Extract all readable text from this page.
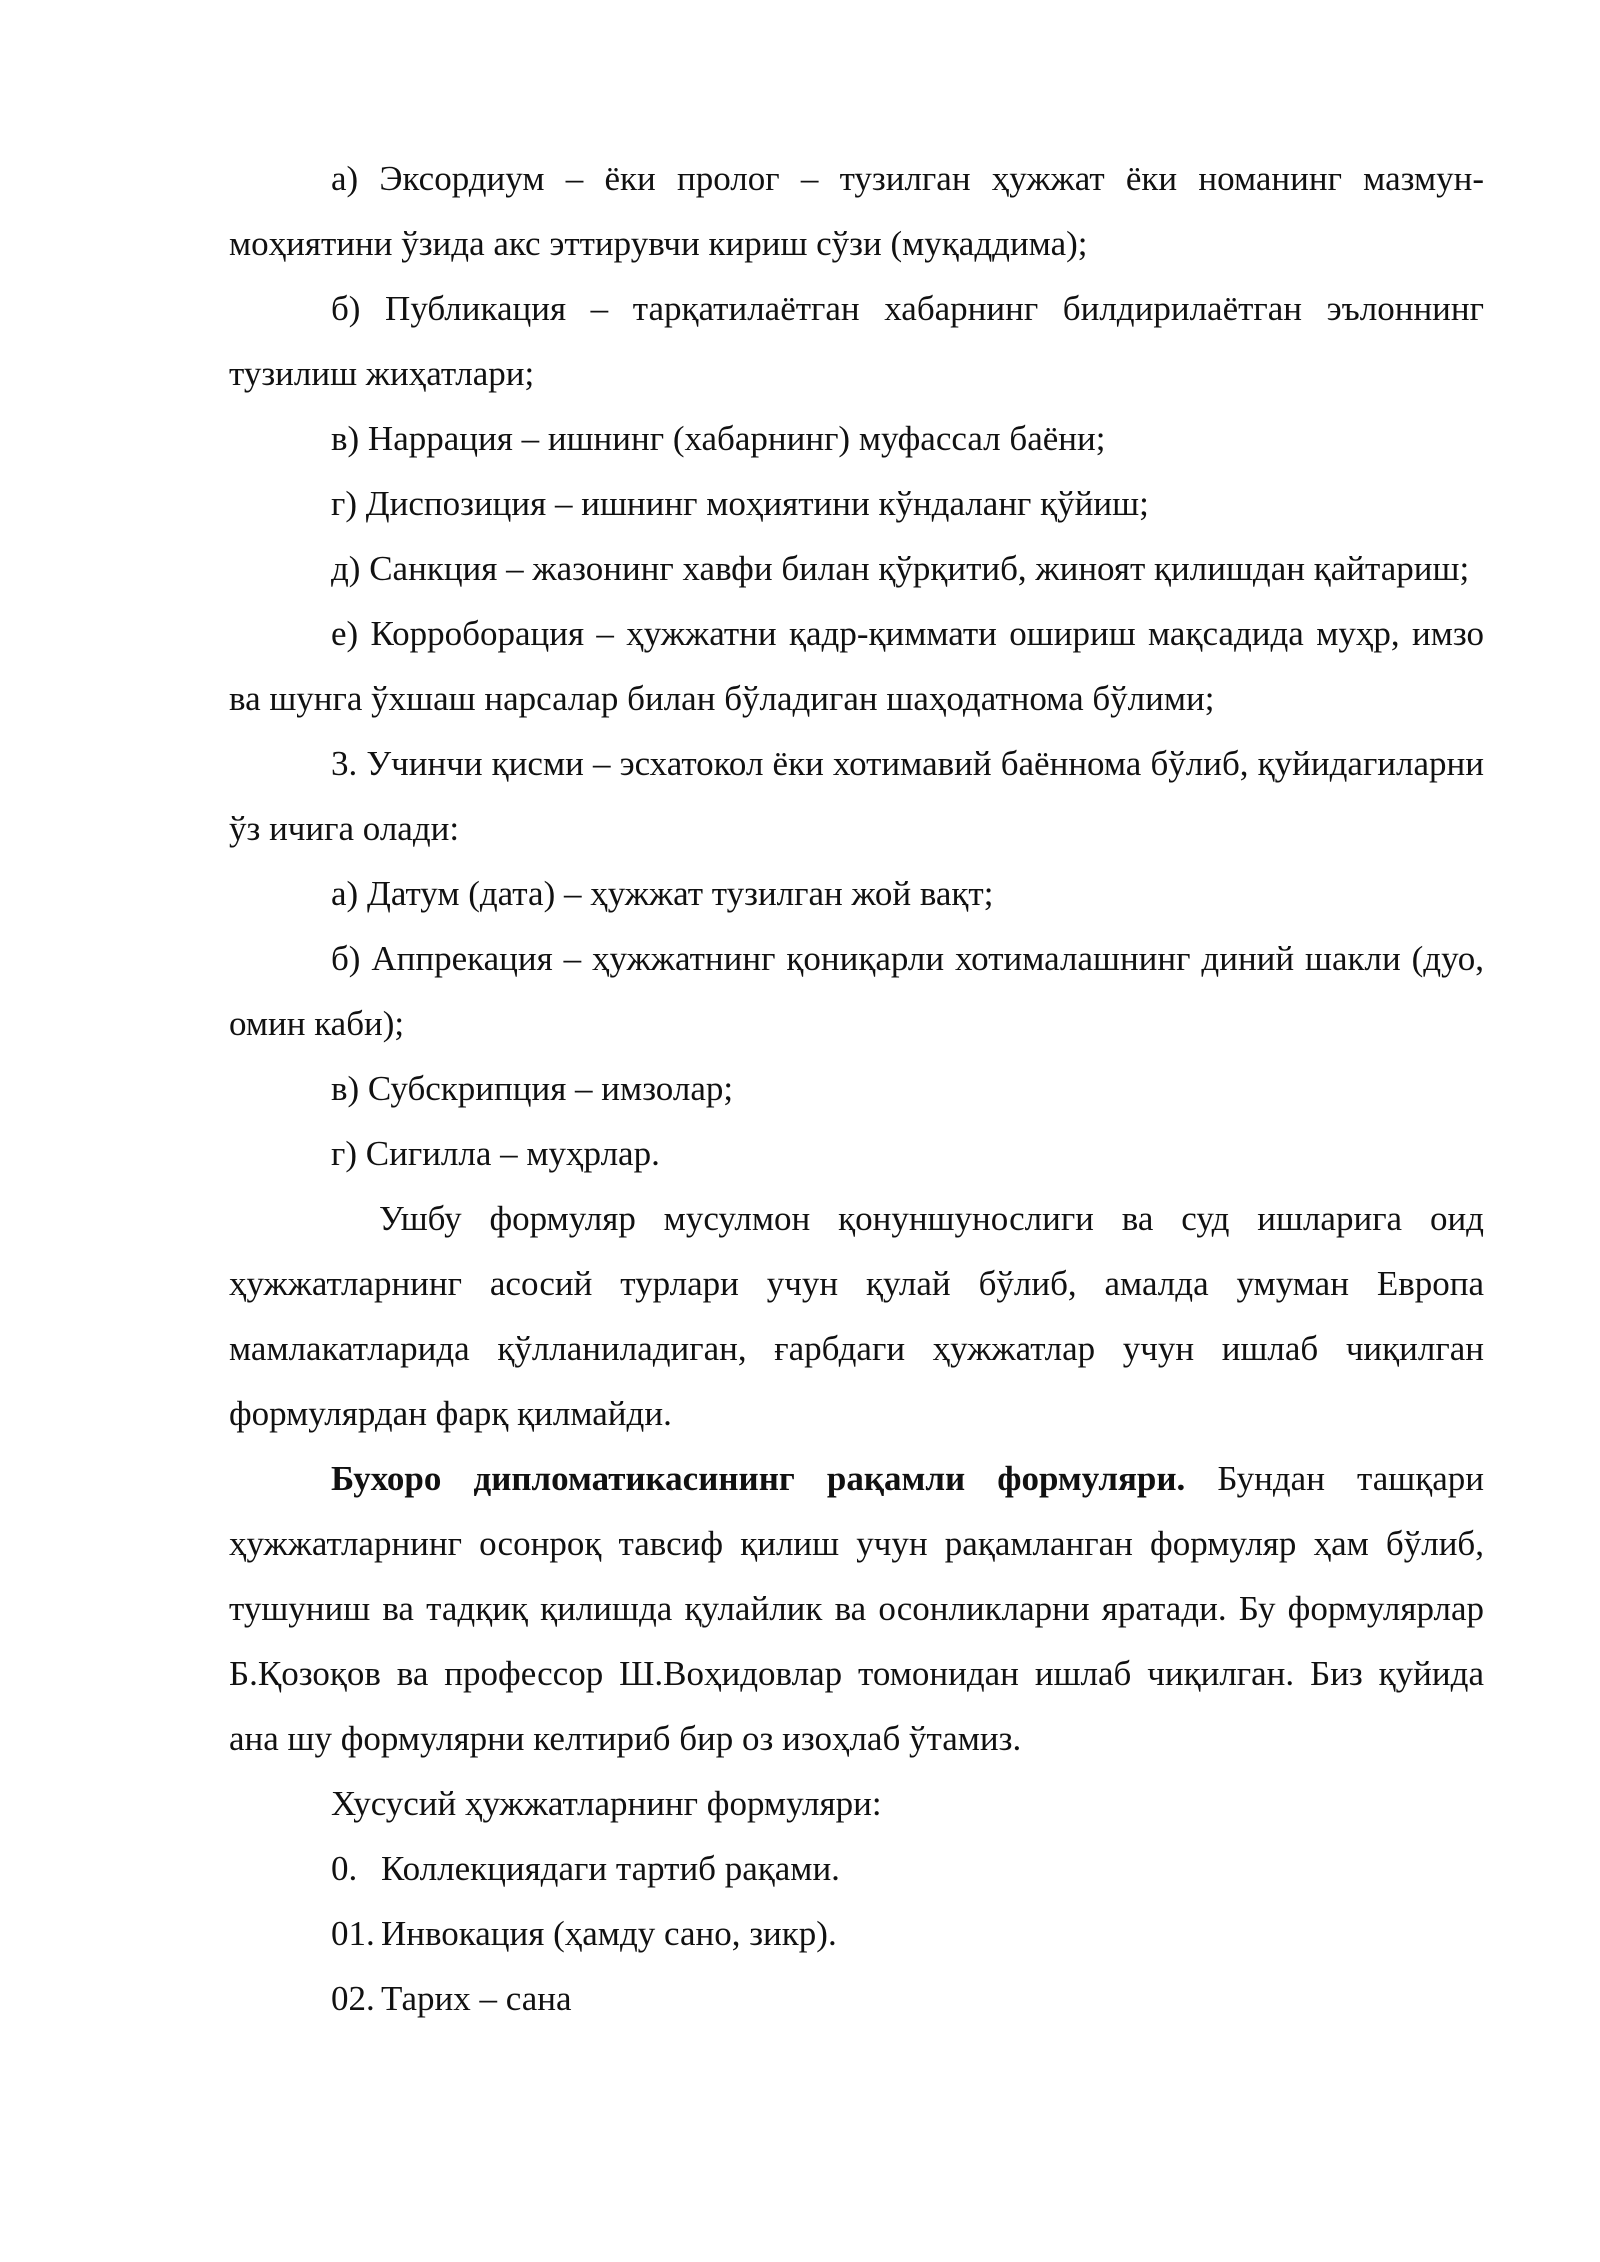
а) Эксордиум – ёки пролог – тузилган ҳужжат ёки номанинг мазмун-моҳиятини ўзида акс эттирувчи кириш сўзи (муқаддима);

б) Публикация – тарқатилаётган хабарнинг билдирилаётган эълоннинг тузилиш жиҳатлари;

в) Наррация – ишнинг (хабарнинг) муфассал баёни;

г) Диспозиция – ишнинг моҳиятини кўндаланг қўйиш;

д) Санкция – жазонинг хавфи билан қўрқитиб, жиноят қилишдан қайтариш;

е) Корроборация – ҳужжатни қадр-қиммати ошириш мақсадида муҳр, имзо ва шунга ўхшаш нарсалар билан бўладиган шаҳодатнома бўлими;

3. Учинчи қисми – эсхатокол ёки хотимавий баённома бўлиб, қуйидагиларни ўз ичига олади:

а) Датум (дата) – ҳужжат тузилган жой вақт;

б) Аппрекация – ҳужжатнинг қониқарли хотималашнинг диний шакли (дуо, омин каби);

в) Субскрипция – имзолар;

г) Сигилла – муҳрлар.

Ушбу формуляр мусулмон қонуншунослиги ва суд ишларига оид ҳужжатларнинг асосий турлари учун қулай бўлиб, амалда умуман Европа мамлакатларида қўлланиладиган, ғарбдаги ҳужжатлар учун ишлаб чиқилган формулярдан фарқ қилмайди.

Бухоро дипломатикасининг рақамли формуляри. Бундан ташқари ҳужжатларнинг осонроқ тавсиф қилиш учун рақамланган формуляр ҳам бўлиб, тушуниш ва тадқиқ қилишда қулайлик ва осонликларни яратади. Бу формулярлар Б.Қозоқов ва профессор Ш.Воҳидовлар томонидан ишлаб чиқилган. Биз қуйида ана шу формулярни келтириб бир оз изоҳлаб ўтамиз.

Хусусий ҳужжатларнинг формуляри:

0. Коллекциядаги тартиб рақами.

01. Инвокация (ҳамду сано, зикр).

02. Тарих – сана
